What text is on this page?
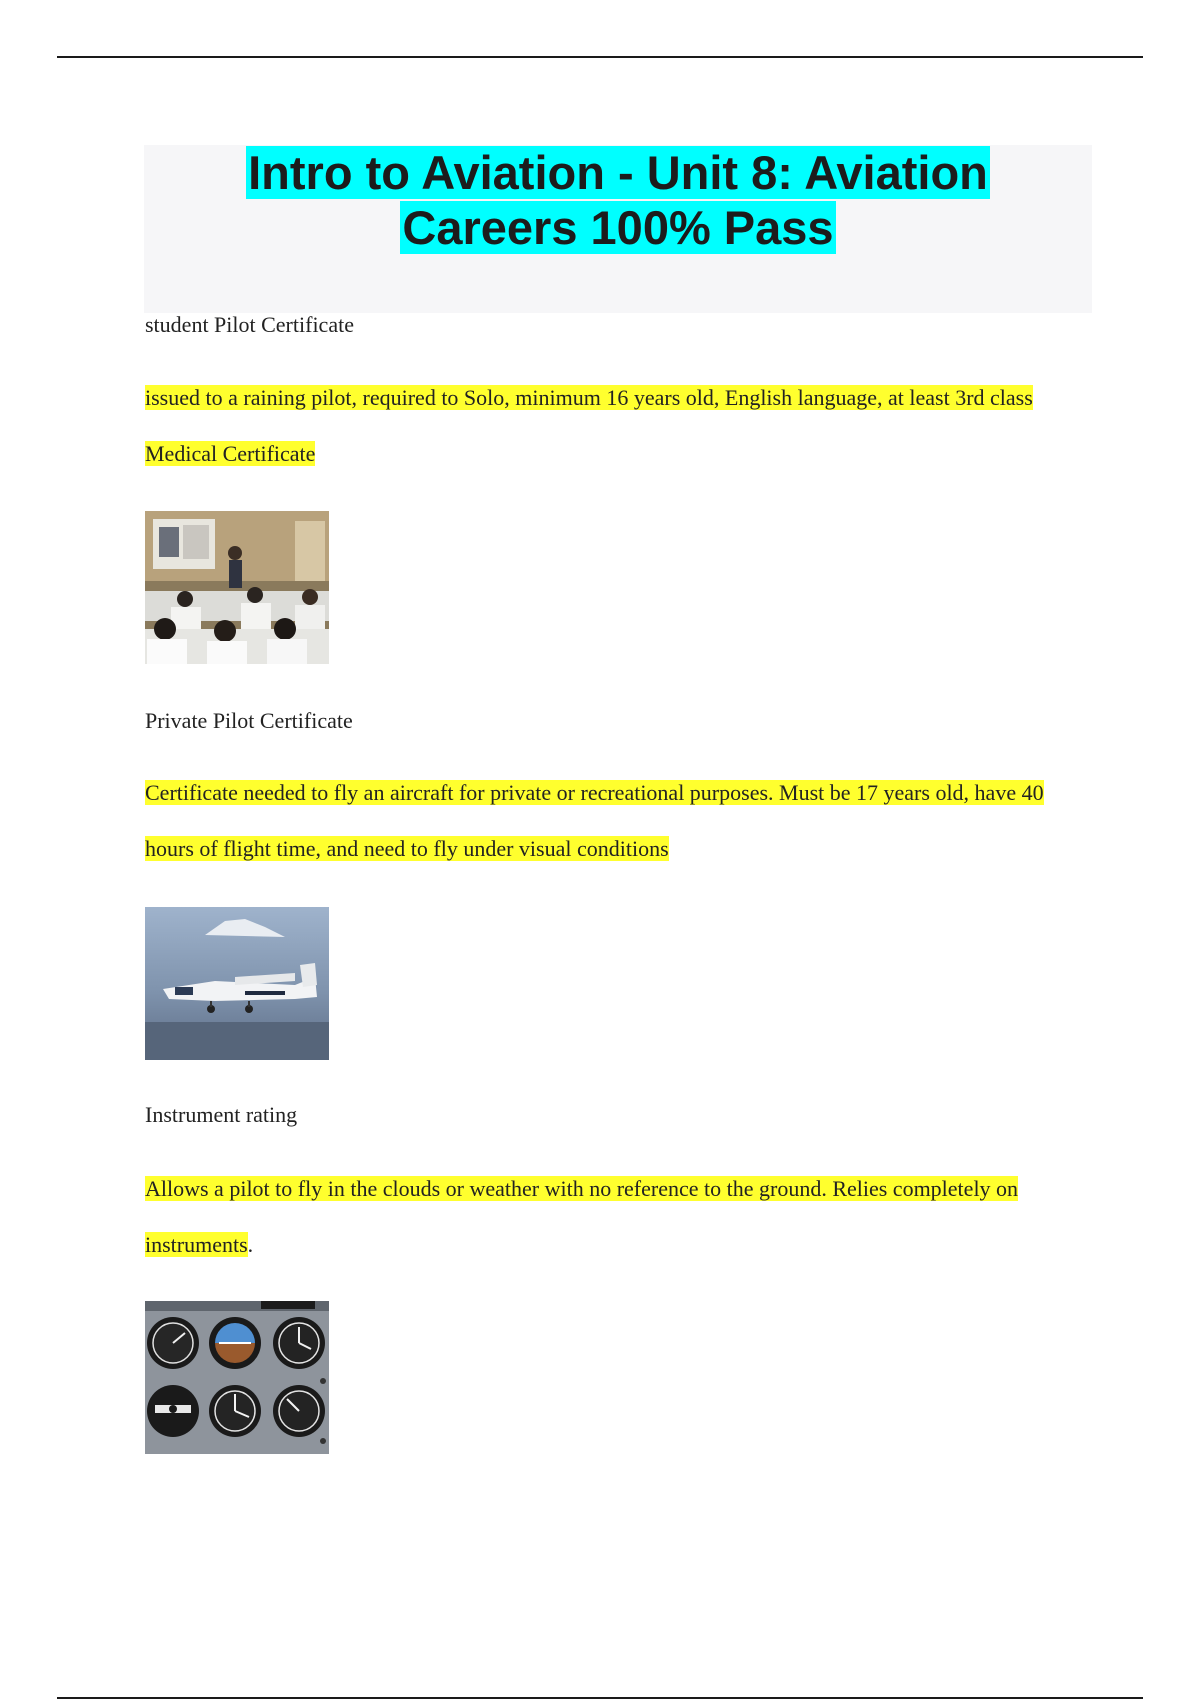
Intro to Aviation - Unit 8: Aviation
Careers 100% Pass
student Pilot Certificate
issued to a raining pilot, required to Solo, minimum 16 years old, English language, at least 3rd class Medical Certificate
Private Pilot Certificate
Certificate needed to fly an aircraft for private or recreational purposes. Must be 17 years old, have 40 hours of flight time, and need to fly under visual conditions
Instrument rating
Allows a pilot to fly in the clouds or weather with no reference to the ground. Relies completely on instruments.
